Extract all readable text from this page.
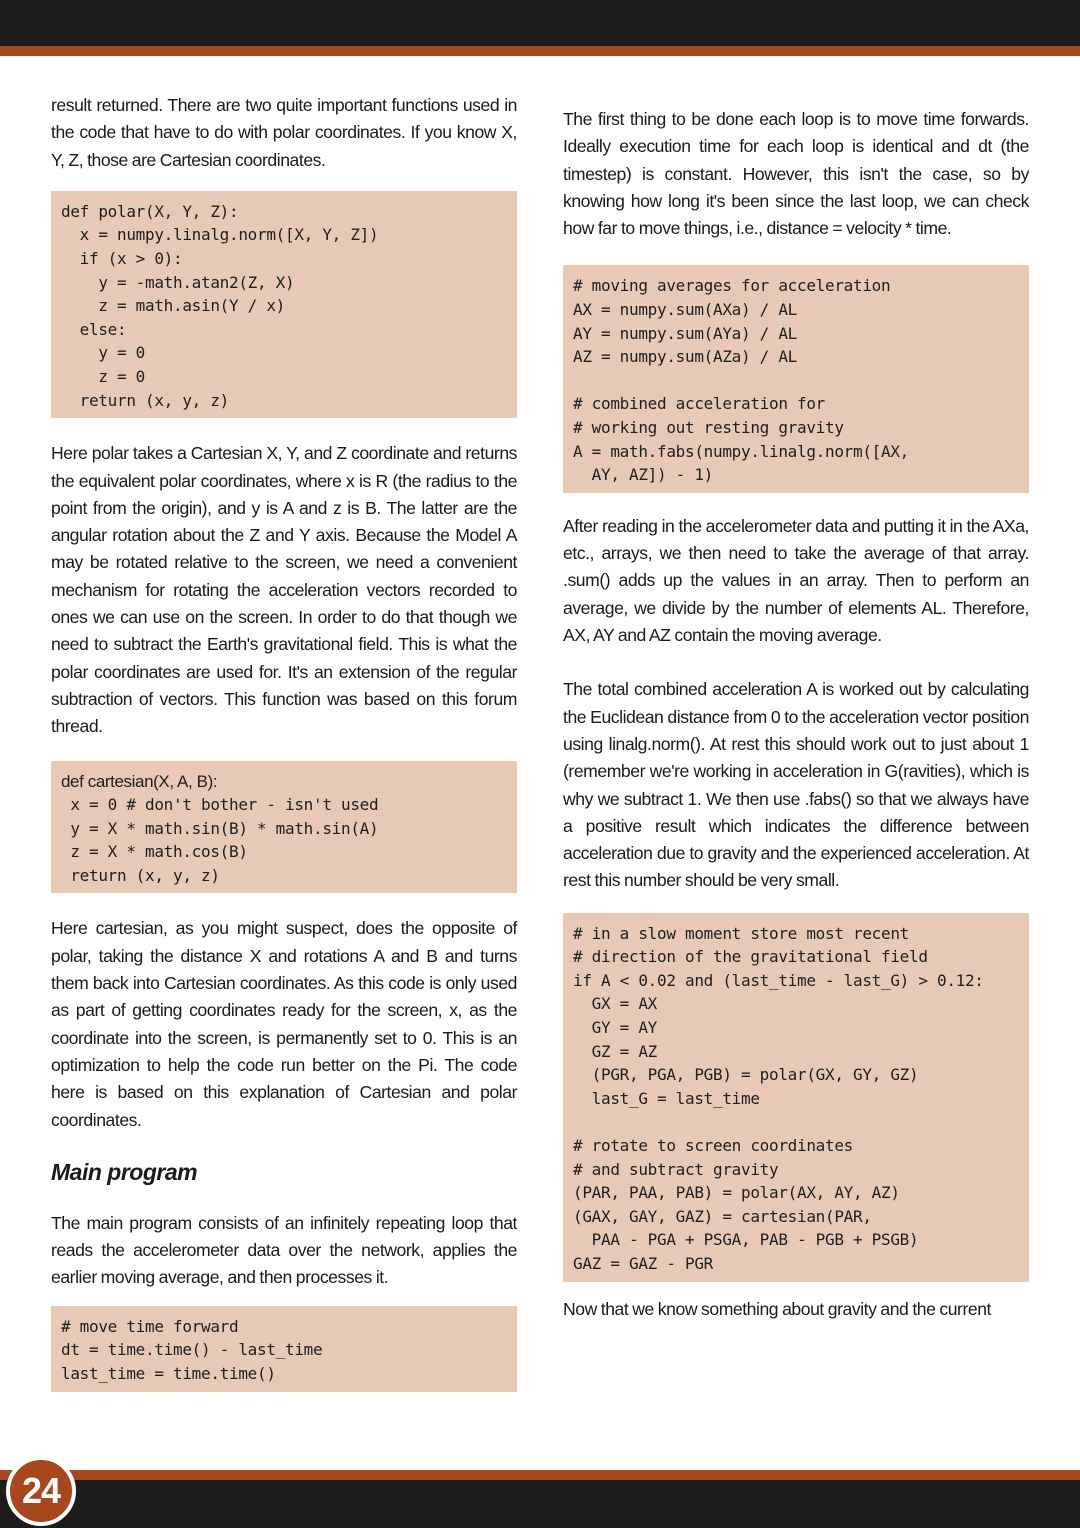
result returned. There are two quite important functions used in the code that have to do with polar coordinates. If you know X, Y, Z, those are Cartesian coordinates.

def polar(X, Y, Z):
x = numpy.linalg.norm([X, Y, Z])
if (x > 0):
y = -math.atan2(Z, X)
z = math.asin(Y / x)
else:
y = 0
z = 0
return (x, y, z)

Here polar takes a Cartesian X, Y, and Z coordinate and returns the equivalent polar coordinates, where x is R (the radius to the point from the origin), and y is A and z is B. The latter are the angular rotation about the Z and Y axis. Because the Model A may be rotated relative to the screen, we need a convenient mechanism for rotating the acceleration vectors recorded to ones we can use on the screen. In order to do that though we need to subtract the Earth's gravitational field. This is what the polar coordinates are used for. It's an extension of the regular subtraction of vectors. This function was based on this forum thread.

def cartesian(X, A, B):
x = 0 # don't bother - isn't used
y = X * math.sin(B) * math.sin(A)
z = X * math.cos(B)
return (x, y, z)

Here cartesian, as you might suspect, does the opposite of polar, taking the distance X and rotations A and B and turns them back into Cartesian coordinates. As this code is only used as part of getting coordinates ready for the screen, x, as the coordinate into the screen, is permanently set to 0. This is an optimization to help the code run better on the Pi. The code here is based on this explanation of Cartesian and polar coordinates.

Main program

The main program consists of an infinitely repeating loop that reads the accelerometer data over the network, applies the earlier moving average, and then processes it.

# move time forward
dt = time.time() - last_time
last_time = time.time()

The first thing to be done each loop is to move time forwards. Ideally execution time for each loop is identical and dt (the timestep) is constant. However, this isn't the case, so by knowing how long it's been since the last loop, we can check how far to move things, i.e., distance = velocity * time.

# moving averages for acceleration
AX = numpy.sum(AXa) / AL
AY = numpy.sum(AYa) / AL
AZ = numpy.sum(AZa) / AL
# combined acceleration for
# working out resting gravity
A = math.fabs(numpy.linalg.norm([AX,
AY, AZ]) - 1)

After reading in the accelerometer data and putting it in the AXa, etc., arrays, we then need to take the average of that array. .sum() adds up the values in an array. Then to perform an average, we divide by the number of elements AL. Therefore, AX, AY and AZ contain the moving average.

The total combined acceleration A is worked out by calculating the Euclidean distance from 0 to the acceleration vector position using linalg.norm(). At rest this should work out to just about 1 (remember we're working in acceleration in G(ravities), which is why we subtract 1. We then use .fabs() so that we always have a positive result which indicates the difference between acceleration due to gravity and the experienced acceleration. At rest this number should be very small.

# in a slow moment store most recent
# direction of the gravitational field
if A < 0.02 and (last_time - last_G) > 0.12:
GX = AX
GY = AY
GZ = AZ
(PGR, PGA, PGB) = polar(GX, GY, GZ)
last_G = last_time
# rotate to screen coordinates
# and subtract gravity
(PAR, PAA, PAB) = polar(AX, AY, AZ)
(GAX, GAY, GAZ) = cartesian(PAR,
PAA - PGA + PSGA, PAB - PGB + PSGB)
GAZ = GAZ - PGR

Now that we know something about gravity and the current

24
